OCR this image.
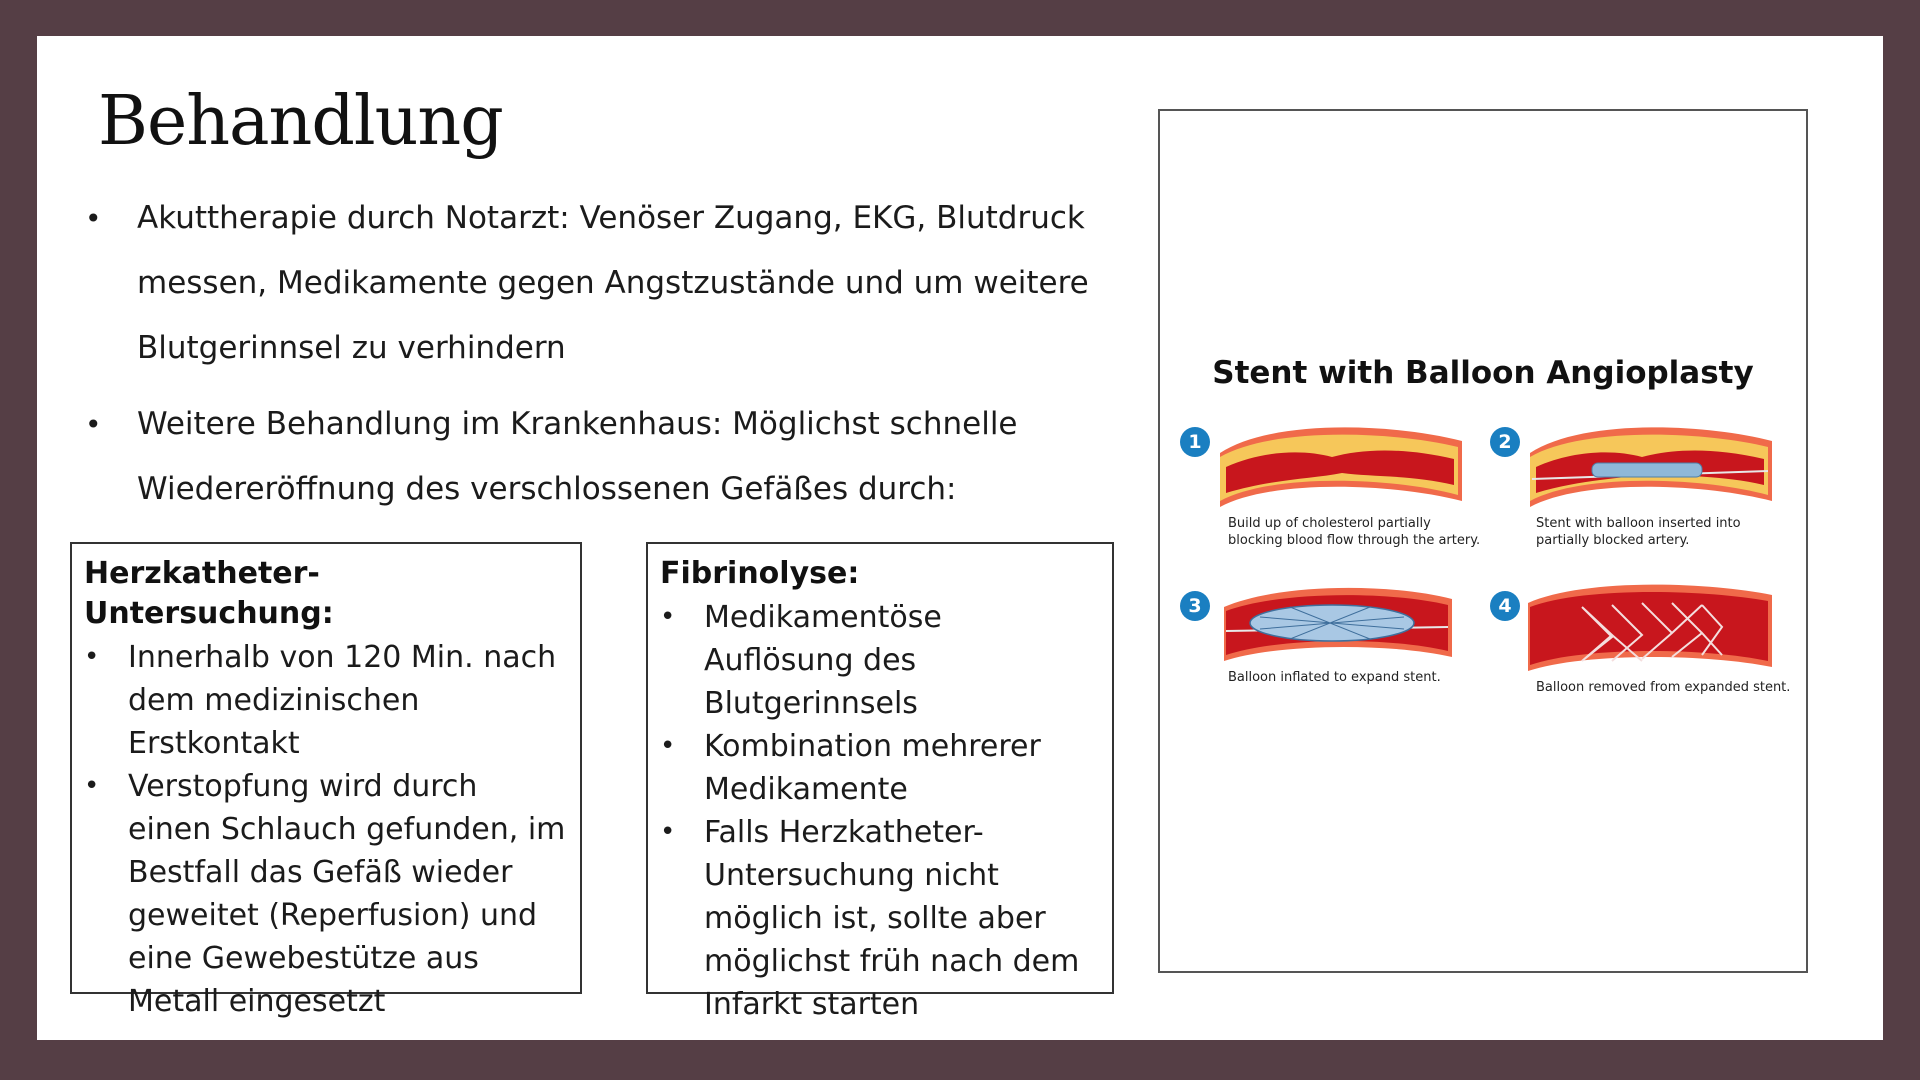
Behandlung
• Akuttherapie durch Notarzt: Venöser Zugang, EKG, Blutdruck messen, Medikamente gegen Angstzustände und um weitere Blutgerinnsel zu verhindern
• Weitere Behandlung im Krankenhaus: Möglichst schnelle Wiedereröffnung des verschlossenen Gefäßes durch:
Herzkatheter-Untersuchung:
• Innerhalb von 120 Min. nach dem medizinischen Erstkontakt
• Verstopfung wird durch einen Schlauch gefunden, im Bestfall das Gefäß wieder geweitet (Reperfusion) und eine Gewebestütze aus Metall eingesetzt
Fibrinolyse:
• Medikamentöse Auflösung des Blutgerinnsels
• Kombination mehrerer Medikamente
• Falls Herzkatheter-Untersuchung nicht möglich ist, sollte aber möglichst früh nach dem Infarkt starten

Stent with Balloon Angioplasty

1
Build up of cholesterol partially blocking blood flow through the artery.
2
Stent with balloon inserted into partially blocked artery.
3
Balloon inflated to expand stent.
4
Balloon removed from expanded stent.
